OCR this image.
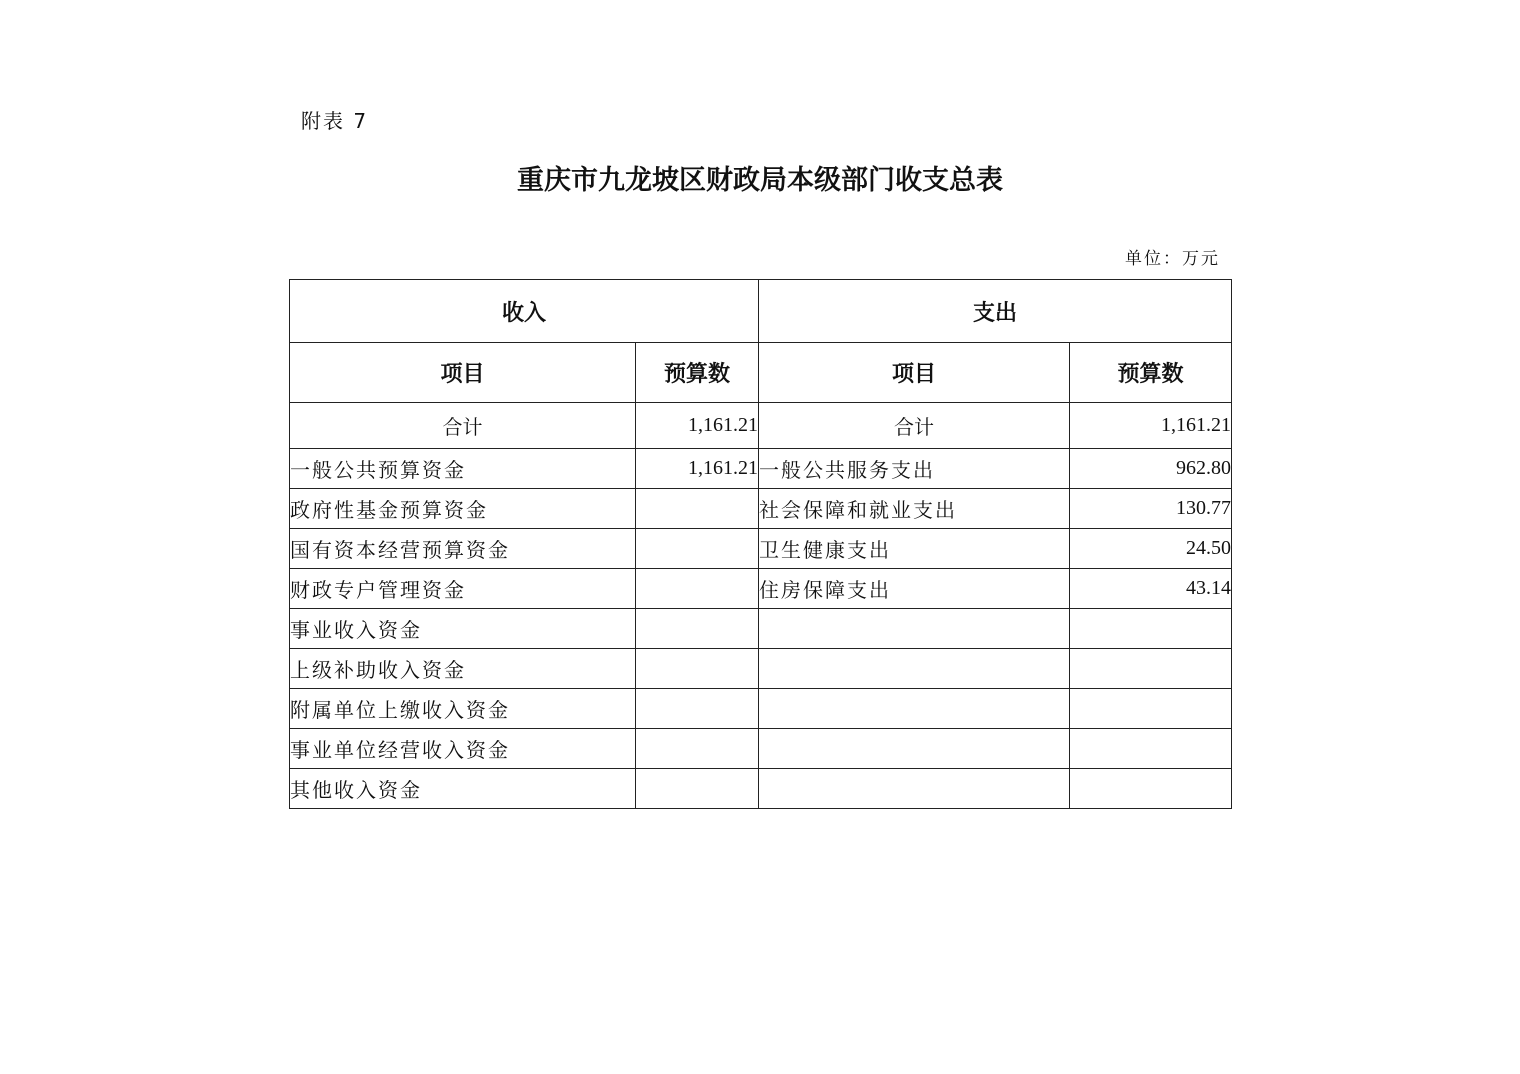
附表 7
重庆市九龙坡区财政局本级部门收支总表
单位：万元
收入		支出	
项目	预算数	项目	预算数
合计	1,161.21	合计	1,161.21
一般公共预算资金	1,161.21	一般公共服务支出	962.80
政府性基金预算资金		社会保障和就业支出	130.77
国有资本经营预算资金		卫生健康支出	24.50
财政专户管理资金		住房保障支出	43.14
事业收入资金			
上级补助收入资金			
附属单位上缴收入资金			
事业单位经营收入资金			
其他收入资金			
